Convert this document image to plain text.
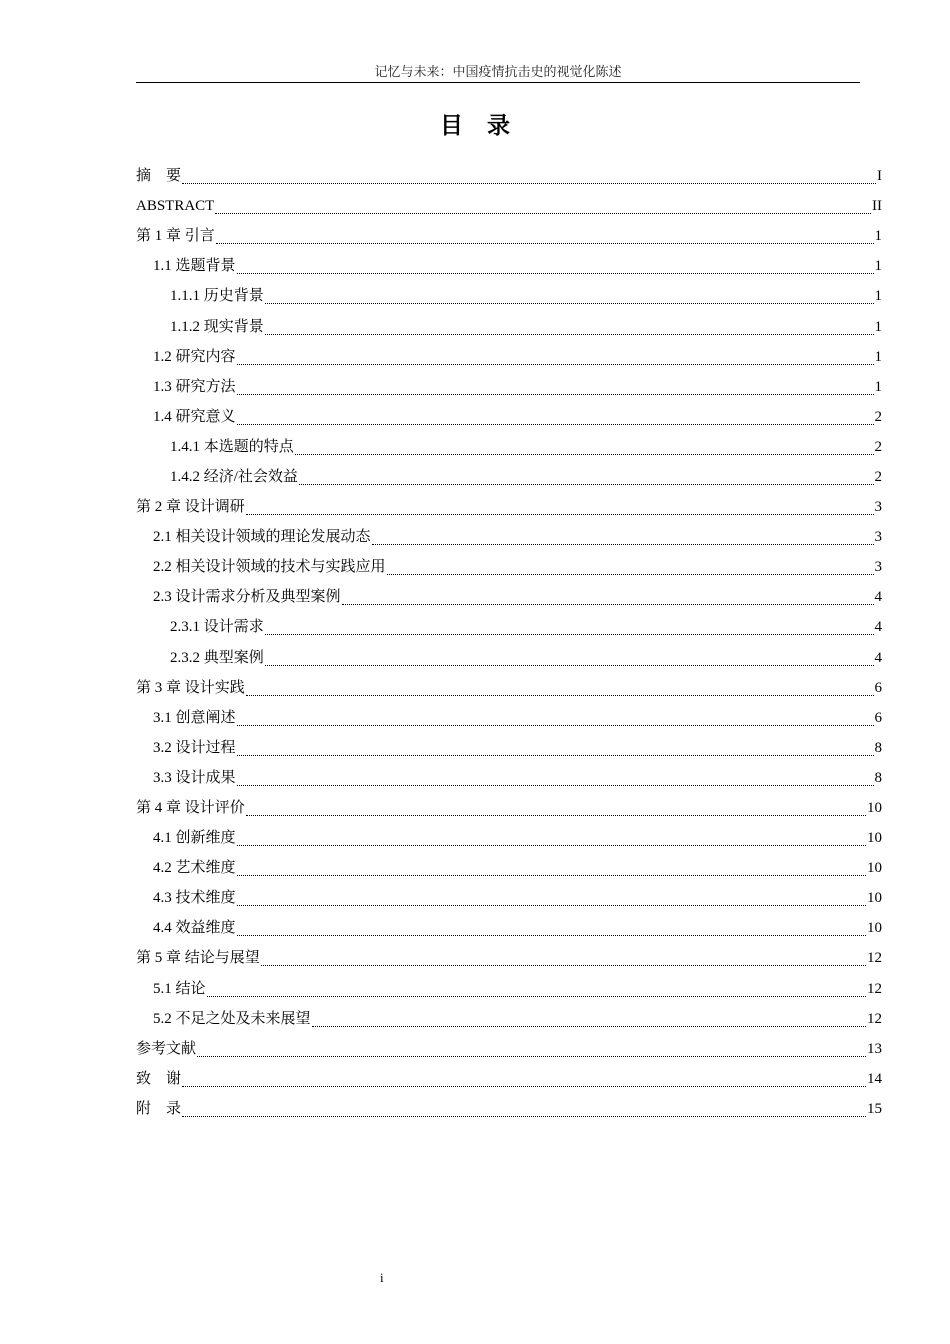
记忆与未来：中国疫情抗击史的视觉化陈述
目录
摘　要	I
ABSTRACT	II
第 1 章 引言	1
1.1 选题背景	1
1.1.1 历史背景	1
1.1.2 现实背景	1
1.2 研究内容	1
1.3 研究方法	1
1.4 研究意义	2
1.4.1 本选题的特点	2
1.4.2 经济/社会效益	2
第 2 章 设计调研	3
2.1 相关设计领域的理论发展动态	3
2.2 相关设计领域的技术与实践应用	3
2.3 设计需求分析及典型案例	4
2.3.1 设计需求	4
2.3.2 典型案例	4
第 3 章 设计实践	6
3.1 创意阐述	6
3.2 设计过程	8
3.3 设计成果	8
第 4 章 设计评价	10
4.1 创新维度	10
4.2 艺术维度	10
4.3 技术维度	10
4.4 效益维度	10
第 5 章 结论与展望	12
5.1 结论	12
5.2 不足之处及未来展望	12
参考文献	13
致　谢	14
附　录	15
i
